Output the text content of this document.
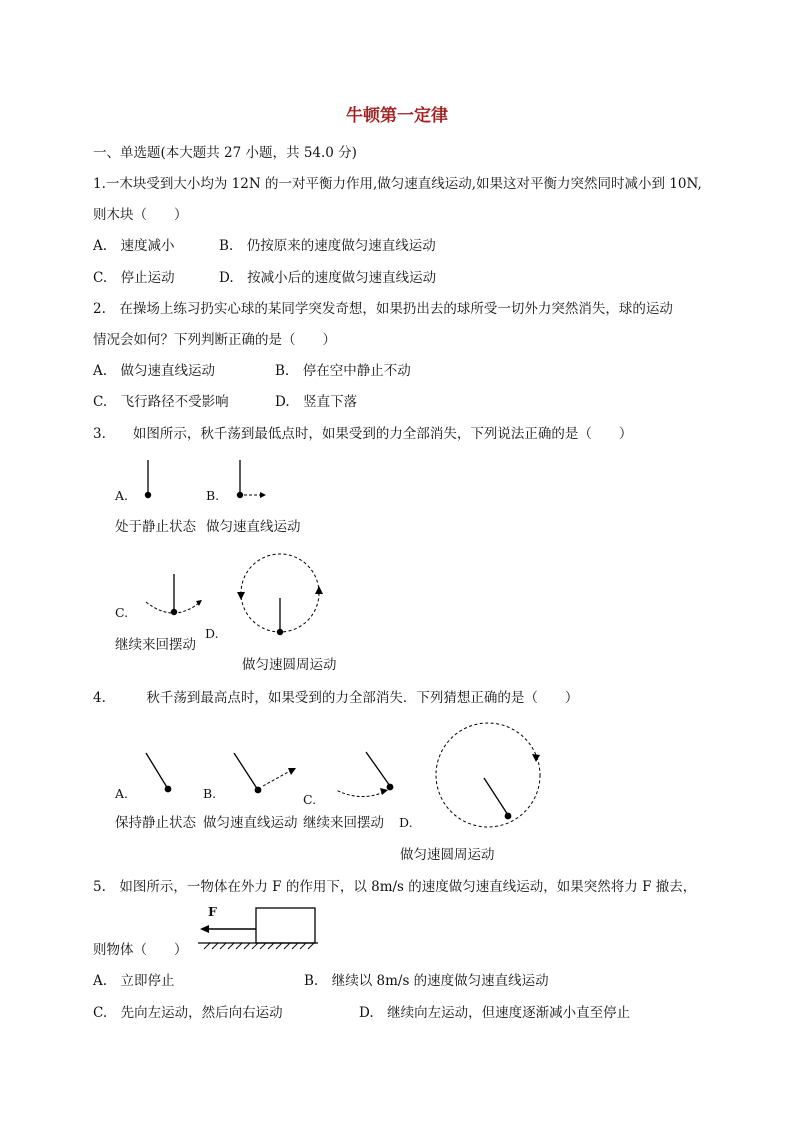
牛顿第一定律
一、单选题(本大题共 27 小题，共 54.0 分)
1.一木块受到大小均为 12N 的一对平衡力作用,做匀速直线运动,如果这对平衡力突然同时减小到 10N,
则木块（　　）
A.　速度减小	B.　仍按原来的速度做匀速直线运动
C.　停止运动	D.　按减小后的速度做匀速直线运动
2.　在操场上练习扔实心球的某同学突发奇想，如果扔出去的球所受一切外力突然消失，球的运动
情况会如何？下列判断正确的是（　　）
A.　做匀速直线运动	B.　停在空中静止不动
C.　飞行路径不受影响	D.　竖直下落
3.　　如图所示，秋千荡到最低点时，如果受到的力全部消失，下列说法正确的是（　　）
A.	B.
处于静止状态 做匀速直线运动
C.
D.
继续来回摆动
做匀速圆周运动
4.　　　秋千荡到最高点时，如果受到的力全部消失．下列猜想正确的是（　　）
A.	B.	C.
D.
保持静止状态 做匀速直线运动 继续来回摆动
做匀速圆周运动
5.　如图所示，一物体在外力 F 的作用下，以 8m/s 的速度做匀速直线运动，如果突然将力 F 撤去，
F
则物体（　　）
A.　立即停止	B.　继续以 8m/s 的速度做匀速直线运动
C.　先向左运动，然后向右运动	D.　继续向左运动，但速度逐渐减小直至停止
